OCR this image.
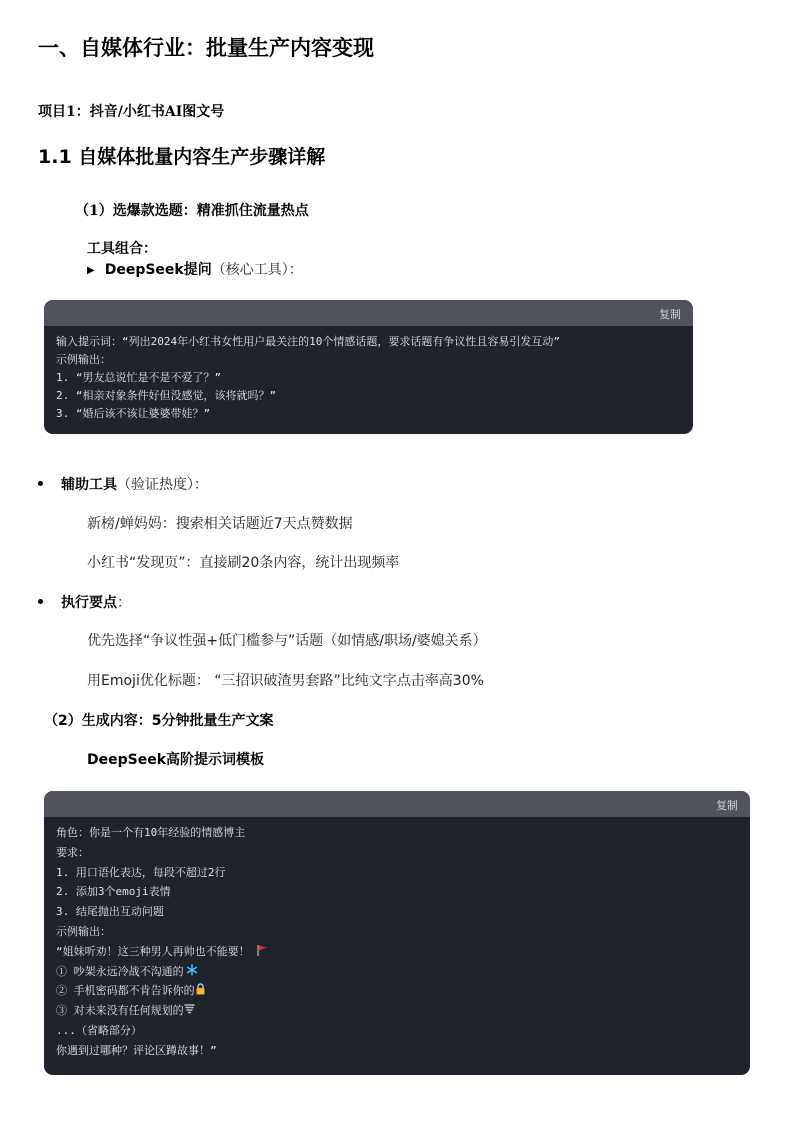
一、自媒体行业：批量生产内容变现
项目1：抖音/小红书AI图文号
1.1 自媒体批量内容生产步骤详解
（1）选爆款选题：精准抓住流量热点
工具组合：
▶ DeepSeek提问（核心工具）：
复制
输入提示词：“列出2024年小红书女性用户最关注的10个情感话题，要求话题有争议性且容易引发互动”
示例输出：
1. “男友总说忙是不是不爱了？”
2. “相亲对象条件好但没感觉，该将就吗？”
3. “婚后该不该让婆婆带娃？”
辅助工具（验证热度）：
新榜/蝉妈妈：搜索相关话题近7天点赞数据
小红书“发现页”：直接刷20条内容，统计出现频率
执行要点：
优先选择“争议性强+低门槛参与”话题（如情感/职场/婆媳关系）
用Emoji优化标题： “三招识破渣男套路”比纯文字点击率高30%
（2）生成内容：5分钟批量生产文案
DeepSeek高阶提示词模板
复制
角色：你是一个有10年经验的情感博主
要求：
1. 用口语化表达，每段不超过2行
2. 添加3个emoji表情
3. 结尾抛出互动问题
示例输出：
“姐妹听劝！这三种男人再帅也不能要！
① 吵架永远冷战不沟通的
② 手机密码都不肯告诉你的
③ 对未来没有任何规划的
...（省略部分）
你遇到过哪种？评论区蹲故事！”
